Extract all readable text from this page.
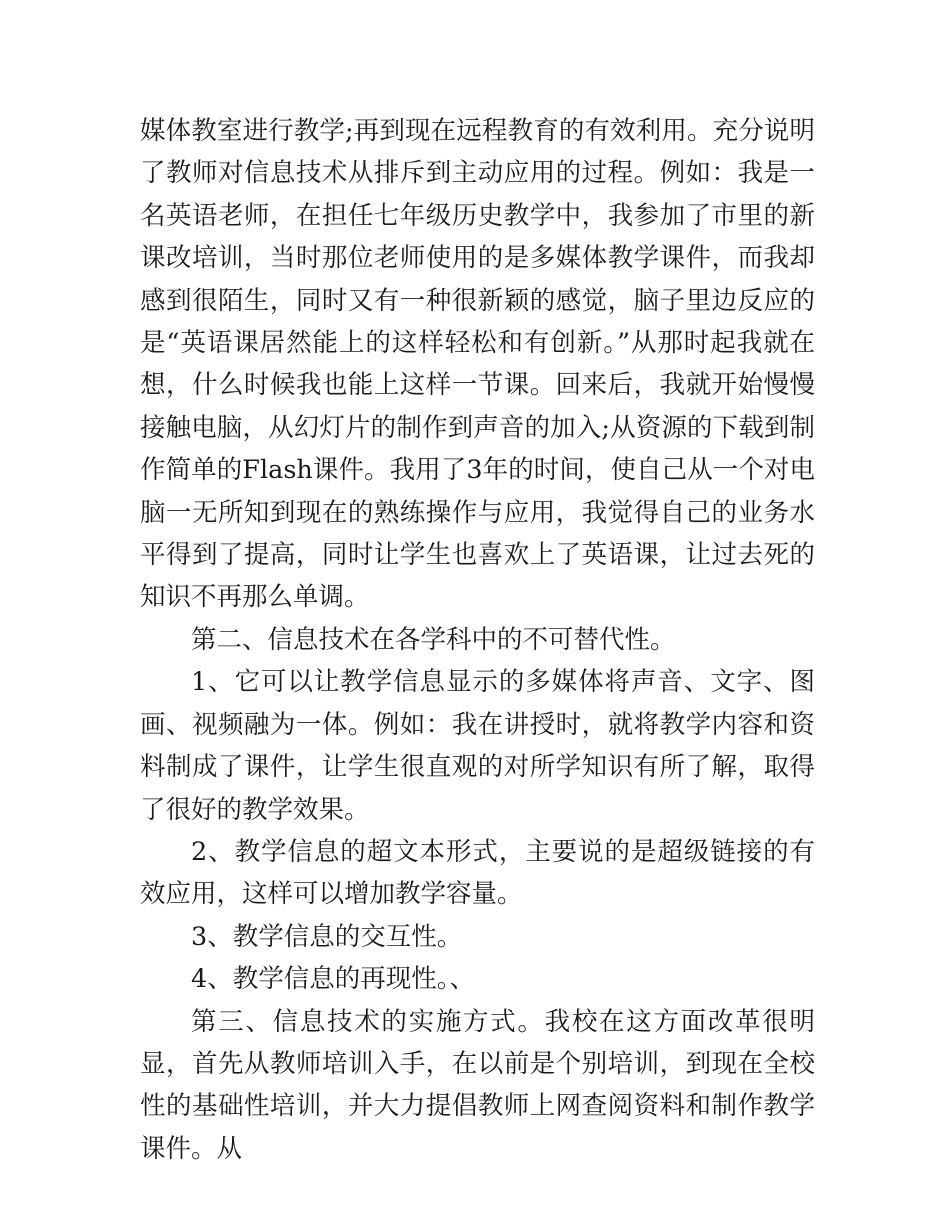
媒体教室进行教学;再到现在远程教育的有效利用。充分说明了教师对信息技术从排斥到主动应用的过程。例如：我是一名英语老师，在担任七年级历史教学中，我参加了市里的新课改培训，当时那位老师使用的是多媒体教学课件，而我却感到很陌生，同时又有一种很新颖的感觉，脑子里边反应的是“英语课居然能上的这样轻松和有创新。”从那时起我就在想，什么时候我也能上这样一节课。回来后，我就开始慢慢接触电脑，从幻灯片的制作到声音的加入;从资源的下载到制作简单的Flash课件。我用了3年的时间，使自己从一个对电脑一无所知到现在的熟练操作与应用，我觉得自己的业务水平得到了提高，同时让学生也喜欢上了英语课，让过去死的知识不再那么单调。

第二、信息技术在各学科中的不可替代性。

1、它可以让教学信息显示的多媒体将声音、文字、图画、视频融为一体。例如：我在讲授时，就将教学内容和资料制成了课件，让学生很直观的对所学知识有所了解，取得了很好的教学效果。

2、教学信息的超文本形式，主要说的是超级链接的有效应用，这样可以增加教学容量。

3、教学信息的交互性。

4、教学信息的再现性。、

第三、信息技术的实施方式。我校在这方面改革很明显，首先从教师培训入手，在以前是个别培训，到现在全校性的基础性培训，并大力提倡教师上网查阅资料和制作教学课件。从
